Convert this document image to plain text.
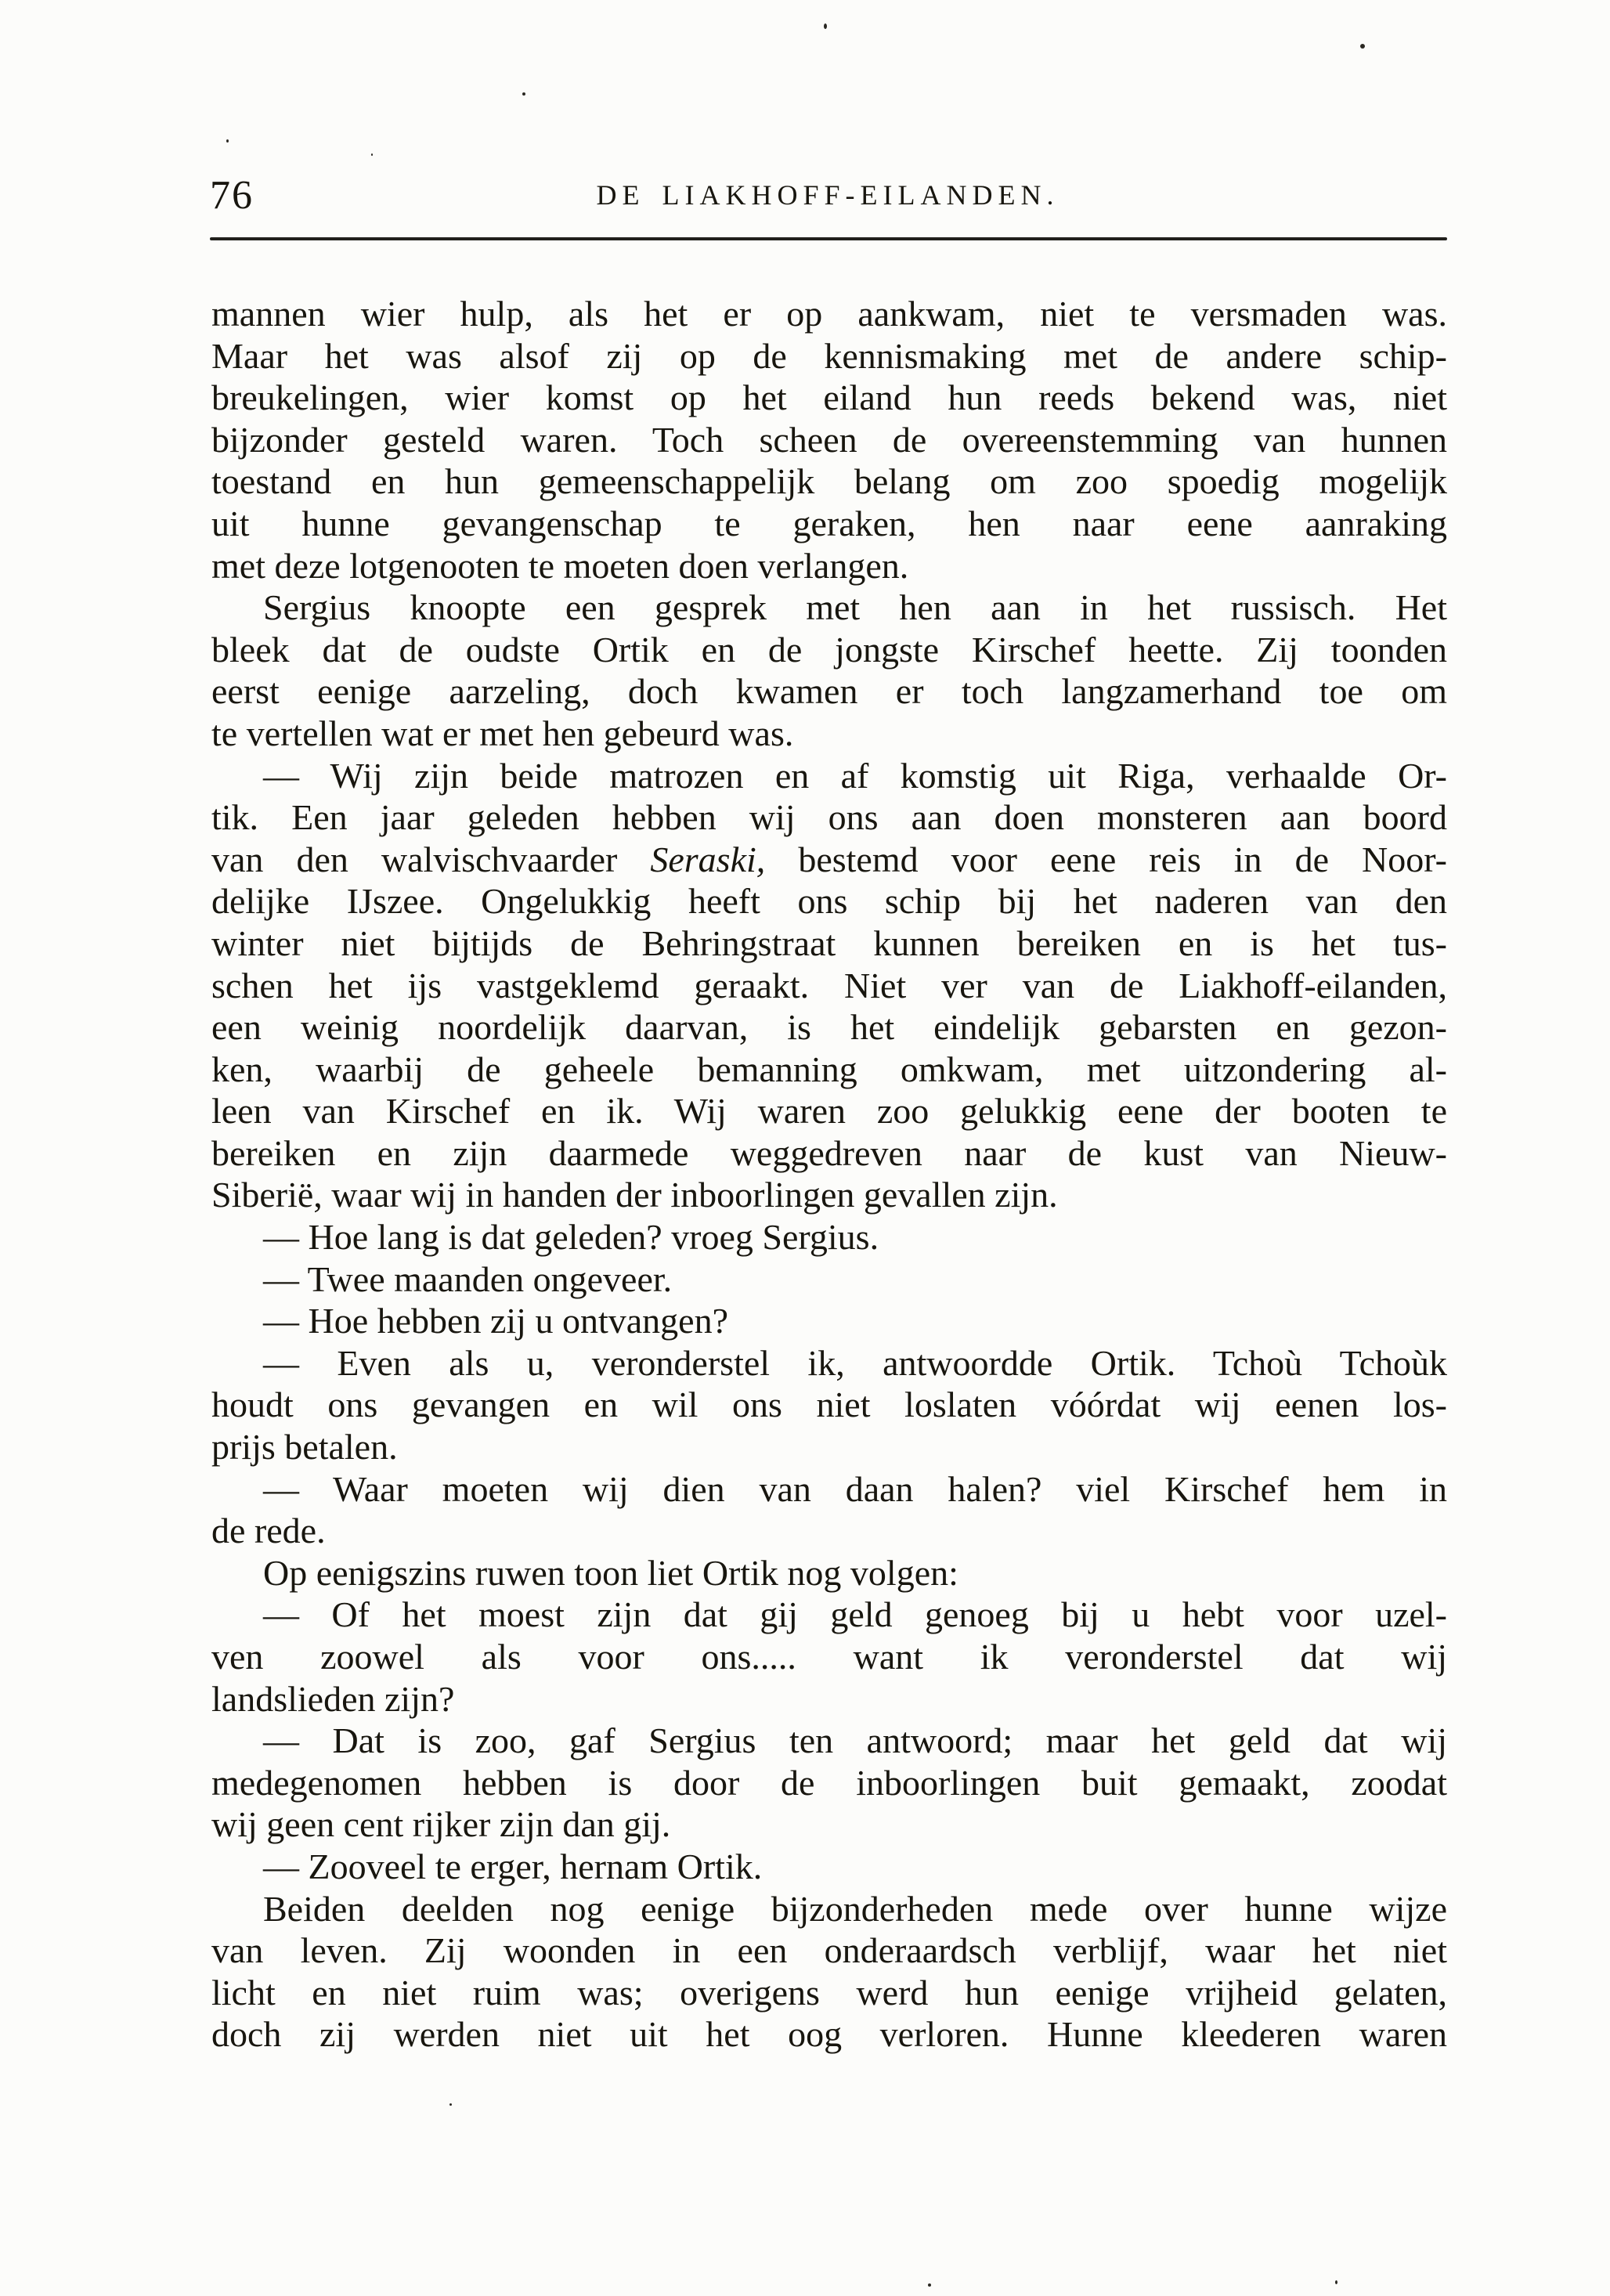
76	DE LIAKHOFF-EILANDEN.
mannen wier hulp, als het er op aankwam, niet te versmaden was.
Maar het was alsof zij op de kennismaking met de andere schip-
breukelingen, wier komst op het eiland hun reeds bekend was, niet
bijzonder gesteld waren. Toch scheen de overeenstemming van hunnen
toestand en hun gemeenschappelijk belang om zoo spoedig mogelijk
uit hunne gevangenschap te geraken, hen naar eene aanraking
met deze lotgenooten te moeten doen verlangen.
Sergius knoopte een gesprek met hen aan in het russisch. Het
bleek dat de oudste Ortik en de jongste Kirschef heette. Zij toonden
eerst eenige aarzeling, doch kwamen er toch langzamerhand toe om
te vertellen wat er met hen gebeurd was.
— Wij zijn beide matrozen en af komstig uit Riga, verhaalde Or-
tik. Een jaar geleden hebben wij ons aan doen monsteren aan boord
van den walvischvaarder Seraski, bestemd voor eene reis in de Noor-
delijke IJszee. Ongelukkig heeft ons schip bij het naderen van den
winter niet bijtijds de Behringstraat kunnen bereiken en is het tus-
schen het ijs vastgeklemd geraakt. Niet ver van de Liakhoff-eilanden,
een weinig noordelijk daarvan, is het eindelijk gebarsten en gezon-
ken, waarbij de geheele bemanning omkwam, met uitzondering al-
leen van Kirschef en ik. Wij waren zoo gelukkig eene der booten te
bereiken en zijn daarmede weggedreven naar de kust van Nieuw-
Siberië, waar wij in handen der inboorlingen gevallen zijn.
— Hoe lang is dat geleden? vroeg Sergius.
— Twee maanden ongeveer.
— Hoe hebben zij u ontvangen?
— Even als u, veronderstel ik, antwoordde Ortik. Tchoù Tchoùk
houdt ons gevangen en wil ons niet loslaten vóórdat wij eenen los-
prijs betalen.
— Waar moeten wij dien van daan halen? viel Kirschef hem in
de rede.
Op eenigszins ruwen toon liet Ortik nog volgen:
— Of het moest zijn dat gij geld genoeg bij u hebt voor uzel-
ven zoowel als voor ons..... want ik veronderstel dat wij
landslieden zijn?
— Dat is zoo, gaf Sergius ten antwoord; maar het geld dat wij
medegenomen hebben is door de inboorlingen buit gemaakt, zoodat
wij geen cent rijker zijn dan gij.
— Zooveel te erger, hernam Ortik.
Beiden deelden nog eenige bijzonderheden mede over hunne wijze
van leven. Zij woonden in een onderaardsch verblijf, waar het niet
licht en niet ruim was; overigens werd hun eenige vrijheid gelaten,
doch zij werden niet uit het oog verloren. Hunne kleederen waren
